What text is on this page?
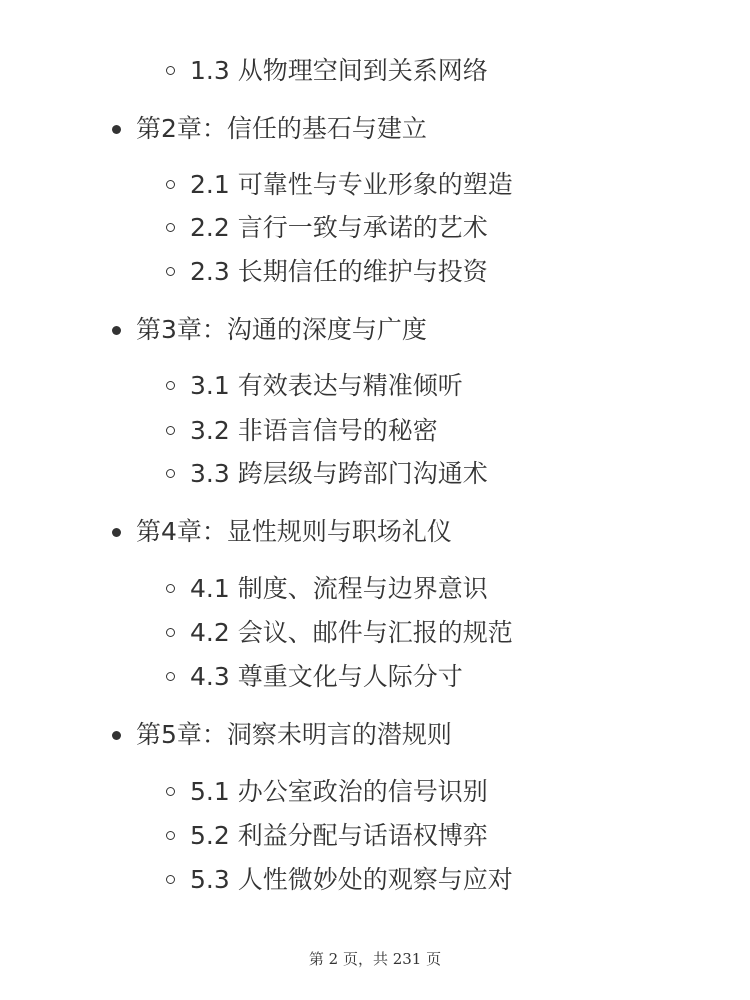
1.3 从物理空间到关系网络
第2章：信任的基石与建立
2.1 可靠性与专业形象的塑造
2.2 言行一致与承诺的艺术
2.3 长期信任的维护与投资
第3章：沟通的深度与广度
3.1 有效表达与精准倾听
3.2 非语言信号的秘密
3.3 跨层级与跨部门沟通术
第4章：显性规则与职场礼仪
4.1 制度、流程与边界意识
4.2 会议、邮件与汇报的规范
4.3 尊重文化与人际分寸
第5章：洞察未明言的潜规则
5.1 办公室政治的信号识别
5.2 利益分配与话语权博弈
5.3 人性微妙处的观察与应对
第 2 页，共 231 页
